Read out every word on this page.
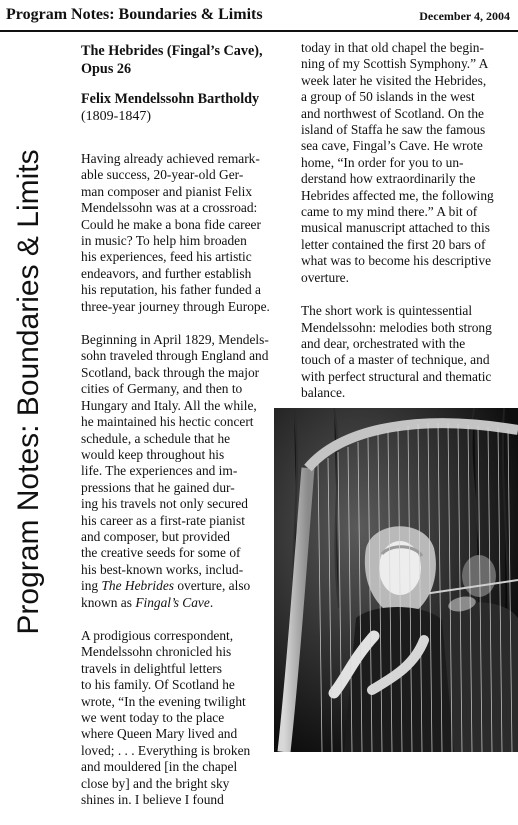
Program Notes: Boundaries & Limits	December 4, 2004
Program Notes: Boundaries & Limits
The Hebrides (Fingal’s Cave),
Opus 26
Felix Mendelssohn Bartholdy
(1809-1847)

Having already achieved remark-
able success, 20-year-old Ger-
man composer and pianist Felix
Mendelssohn was at a crossroad:
Could he make a bona fide career
in music? To help him broaden
his experiences, feed his artistic
endeavors, and further establish
his reputation, his father funded a
three-year journey through Europe.

Beginning in April 1829, Mendels-
sohn traveled through England and
Scotland, back through the major
cities of Germany, and then to
Hungary and Italy. All the while,
he maintained his hectic concert
schedule, a schedule that he
would keep throughout his
life. The experiences and im-
pressions that he gained dur-
ing his travels not only secured
his career as a first-rate pianist
and composer, but provided
the creative seeds for some of
his best-known works, includ-
ing The Hebrides overture, also
known as Fingal’s Cave.

A prodigious correspondent,
Mendelssohn chronicled his
travels in delightful letters
to his family. Of Scotland he
wrote, “In the evening twilight
we went today to the place
where Queen Mary lived and
loved; . . . Everything is broken
and mouldered [in the chapel
close by] and the bright sky
shines in. I believe I found

today in that old chapel the begin-
ning of my Scottish Symphony.” A
week later he visited the Hebrides,
a group of 50 islands in the west
and northwest of Scotland. On the
island of Staffa he saw the famous
sea cave, Fingal’s Cave. He wrote
home, “In order for you to un-
derstand how extraordinarily the
Hebrides affected me, the following
came to my mind there.” A bit of
musical manuscript attached to this
letter contained the first 20 bars of
what was to become his descriptive
overture.

The short work is quintessential
Mendelssohn: melodies both strong
and dear, orchestrated with the
touch of a master of technique, and
with perfect structural and thematic
balance.
